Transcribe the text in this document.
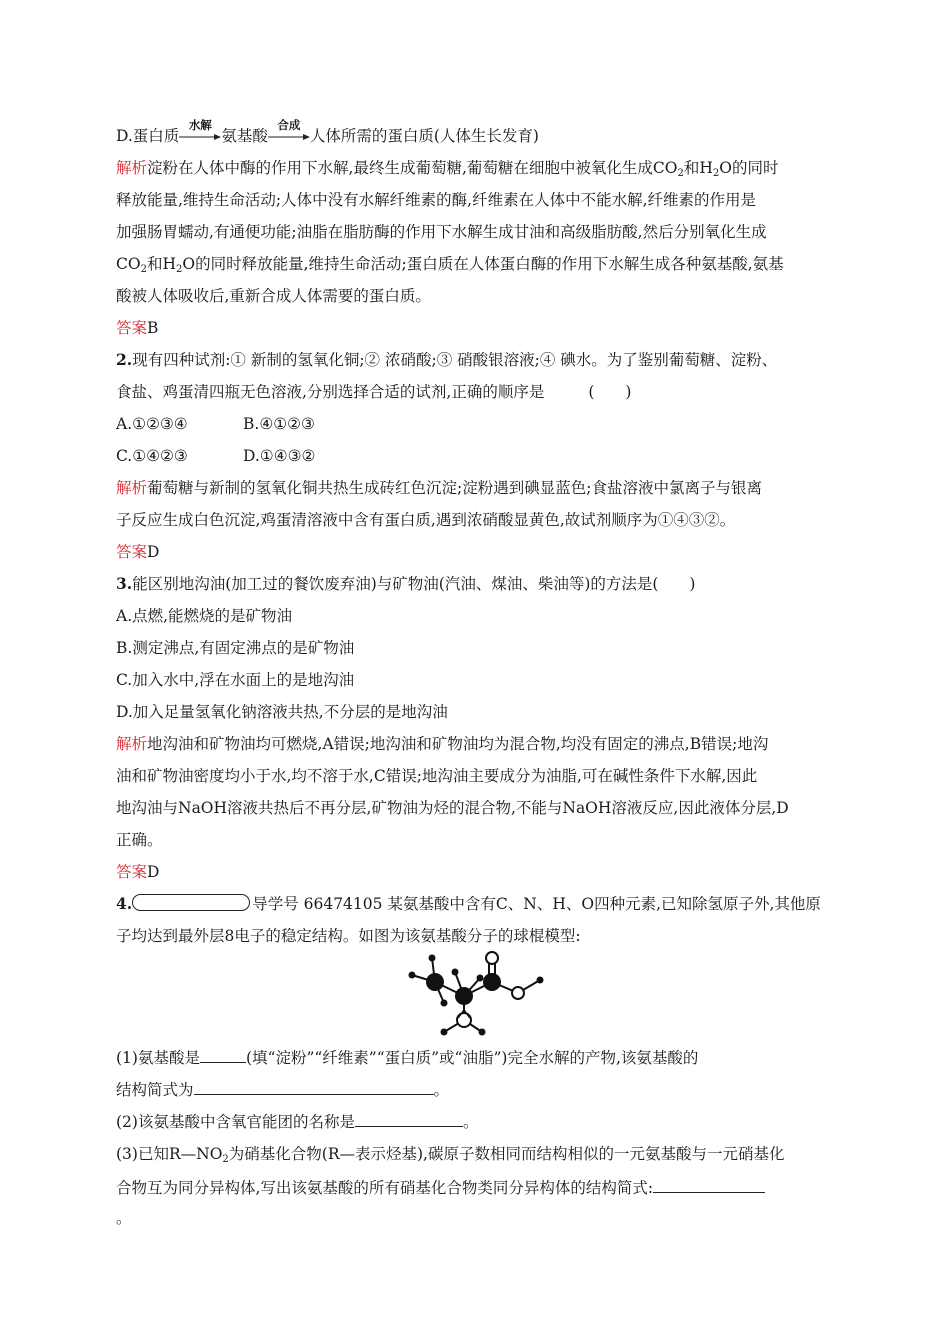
D.蛋白质
水解
氨基酸
合成
人体所需的蛋白质(人体生长发育)
解析淀粉在人体中酶的作用下水解,最终生成葡萄糖,葡萄糖在细胞中被氧化生成$CO_2$和$H_2O$的同时
释放能量,维持生命活动;人体中没有水解纤维素的酶,纤维素在人体中不能水解,纤维素的作用是
加强肠胃蠕动,有通便功能;油脂在脂肪酶的作用下水解生成甘油和高级脂肪酸,然后分别氧化生成
$CO_2$和$H_2O$的同时释放能量,维持生命活动;蛋白质在人体蛋白酶的作用下水解生成各种氨基酸,氨基
酸被人体吸收后,重新合成人体需要的蛋白质。
答案B
2.现有四种试剂:① 新制的氢氧化铜;② 浓硝酸;③ 硝酸银溶液;④ 碘水。为了鉴别葡萄糖、淀粉、
食盐、鸡蛋清四瓶无色溶液,分别选择合适的试剂,正确的顺序是	(　　)
A.①②③④	B.④①②③
C.①④②③	D.①④③②
解析葡萄糖与新制的氢氧化铜共热生成砖红色沉淀;淀粉遇到碘显蓝色;食盐溶液中氯离子与银离
子反应生成白色沉淀,鸡蛋清溶液中含有蛋白质,遇到浓硝酸显黄色,故试剂顺序为①④③②。
答案D
3.能区别地沟油(加工过的餐饮废弃油)与矿物油(汽油、煤油、柴油等)的方法是(　　)
A.点燃,能燃烧的是矿物油
B.测定沸点,有固定沸点的是矿物油
C.加入水中,浮在水面上的是地沟油
D.加入足量氢氧化钠溶液共热,不分层的是地沟油
解析地沟油和矿物油均可燃烧,A错误;地沟油和矿物油均为混合物,均没有固定的沸点,B错误;地沟
油和矿物油密度均小于水,均不溶于水,C错误;地沟油主要成分为油脂,可在碱性条件下水解,因此
地沟油与NaOH溶液共热后不再分层,矿物油为烃的混合物,不能与NaOH溶液反应,因此液体分层,D
正确。
答案D
4.	导学号 66474105 某氨基酸中含有C、N、H、O四种元素,已知除氢原子外,其他原
子均达到最外层8电子的稳定结构。如图为该氨基酸分子的球棍模型:
(1)氨基酸是	(填“淀粉”“纤维素”“蛋白质”或“油脂”)完全水解的产物,该氨基酸的
结构简式为	。
(2)该氨基酸中含氧官能团的名称是	。
(3)已知$R—NO_2$为硝基化合物(R—表示烃基),碳原子数相同而结构相似的一元氨基酸与一元硝基化
合物互为同分异构体,写出该氨基酸的所有硝基化合物类同分异构体的结构简式:
。
